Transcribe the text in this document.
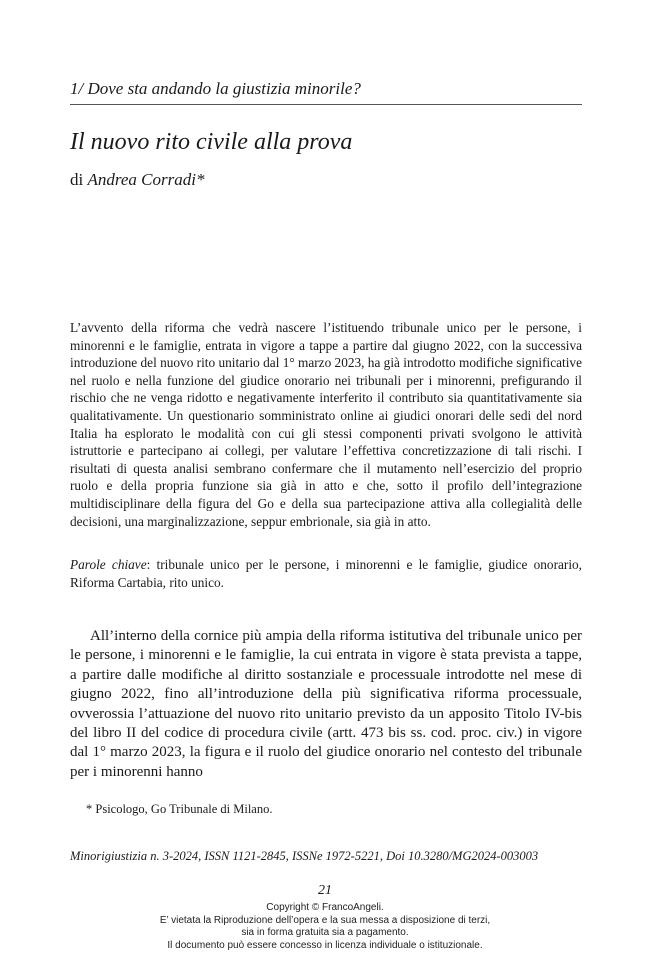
1/ Dove sta andando la giustizia minorile?
Il nuovo rito civile alla prova
di Andrea Corradi*

L’avvento della riforma che vedrà nascere l’istituendo tribunale unico per le persone, i minorenni e le famiglie, entrata in vigore a tappe a partire dal giugno 2022, con la successiva introduzione del nuovo rito unitario dal 1° marzo 2023, ha già introdotto modifiche significative nel ruolo e nella funzione del giudice onorario nei tribunali per i minorenni, prefigurando il rischio che ne venga ridotto e negativamente interferito il contributo sia quantitativamente sia qualitativamente. Un questionario somministrato online ai giudici onorari delle sedi del nord Italia ha esplorato le modalità con cui gli stessi componenti privati svolgono le attività istruttorie e partecipano ai collegi, per valutare l’effettiva concretizzazione di tali rischi. I risultati di questa analisi sembrano confermare che il mutamento nell’esercizio del proprio ruolo e della propria funzione sia già in atto e che, sotto il profilo dell’integrazione multidisciplinare della figura del Go e della sua partecipazione attiva alla collegialità delle decisioni, una marginalizzazione, seppur embrionale, sia già in atto.

Parole chiave: tribunale unico per le persone, i minorenni e le famiglie, giudice onorario, Riforma Cartabia, rito unico.

All’interno della cornice più ampia della riforma istitutiva del tribunale unico per le persone, i minorenni e le famiglie, la cui entrata in vigore è stata prevista a tappe, a partire dalle modifiche al diritto sostanziale e processuale introdotte nel mese di giugno 2022, fino all’introduzione della più significativa riforma processuale, ovverossia l’attuazione del nuovo rito unitario previsto da un apposito Titolo IV-bis del libro II del codice di procedura civile (artt. 473 bis ss. cod. proc. civ.) in vigore dal 1° marzo 2023, la figura e il ruolo del giudice onorario nel contesto del tribunale per i minorenni hanno

* Psicologo, Go Tribunale di Milano.
Minorigiustizia n. 3-2024, ISSN 1121-2845, ISSNe 1972-5221, Doi 10.3280/MG2024-003003
21
Copyright © FrancoAngeli.
E’ vietata la Riproduzione dell’opera e la sua messa a disposizione di terzi,
sia in forma gratuita sia a pagamento.
Il documento può essere concesso in licenza individuale o istituzionale.
